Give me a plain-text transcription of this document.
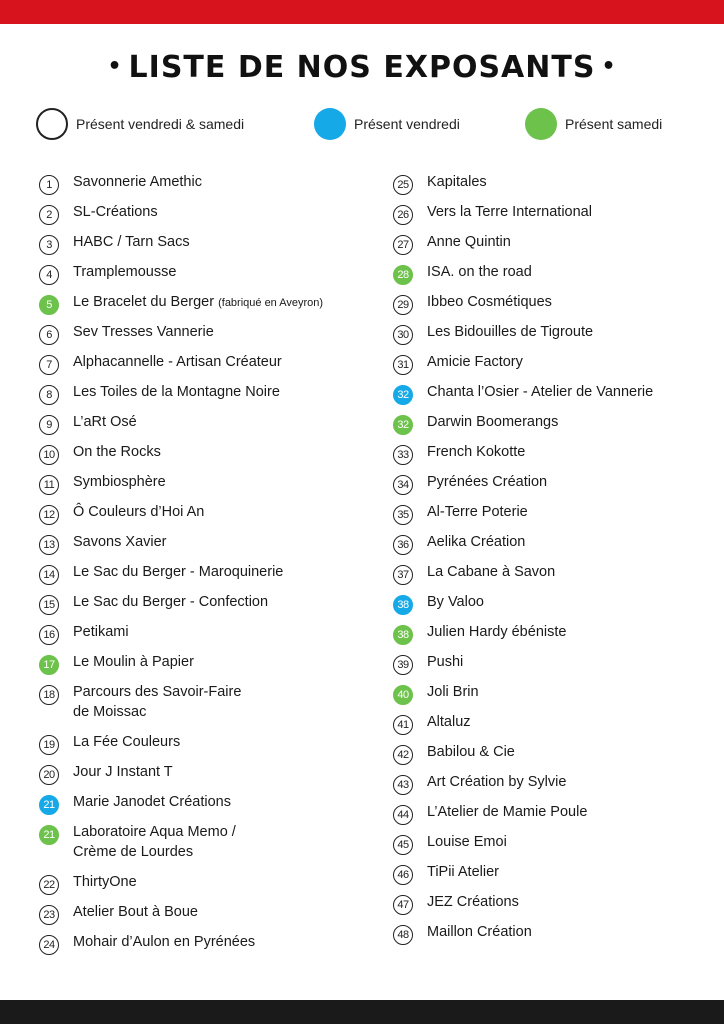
• LISTE DE NOS EXPOSANTS •
Présent vendredi & samedi	Présent vendredi	Présent samedi
1	Savonnerie Amethic
2	SL-Créations
3	HABC / Tarn Sacs
4	Tramplemousse
5	Le Bracelet du Berger (fabriqué en Aveyron)
6	Sev Tresses Vannerie
7	Alphacannelle - Artisan Créateur
8	Les Toiles de la Montagne Noire
9	L’aRt Osé
10	On the Rocks
11	Symbiosphère
12	Ô Couleurs d’Hoi An
13	Savons Xavier
14	Le Sac du Berger - Maroquinerie
15	Le Sac du Berger - Confection
16	Petikami
17	Le Moulin à Papier
18	Parcours des Savoir-Faire
de Moissac
19	La Fée Couleurs
20	Jour J Instant T
21	Marie Janodet Créations
21	Laboratoire Aqua Memo /
Crème de Lourdes
22	ThirtyOne
23	Atelier Bout à Boue
24	Mohair d’Aulon en Pyrénées
25	Kapitales
26	Vers la Terre International
27	Anne Quintin
28	ISA. on the road
29	Ibbeo Cosmétiques
30	Les Bidouilles de Tigroute
31	Amicie Factory
32	Chanta l’Osier - Atelier de Vannerie
32	Darwin Boomerangs
33	French Kokotte
34	Pyrénées Création
35	Al-Terre Poterie
36	Aelika Création
37	La Cabane à Savon
38	By Valoo
38	Julien Hardy ébéniste
39	Pushi
40	Joli Brin
41	Altaluz
42	Babilou & Cie
43	Art Création by Sylvie
44	L’Atelier de Mamie Poule
45	Louise Emoi
46	TiPii Atelier
47	JEZ Créations
48	Maillon Création
